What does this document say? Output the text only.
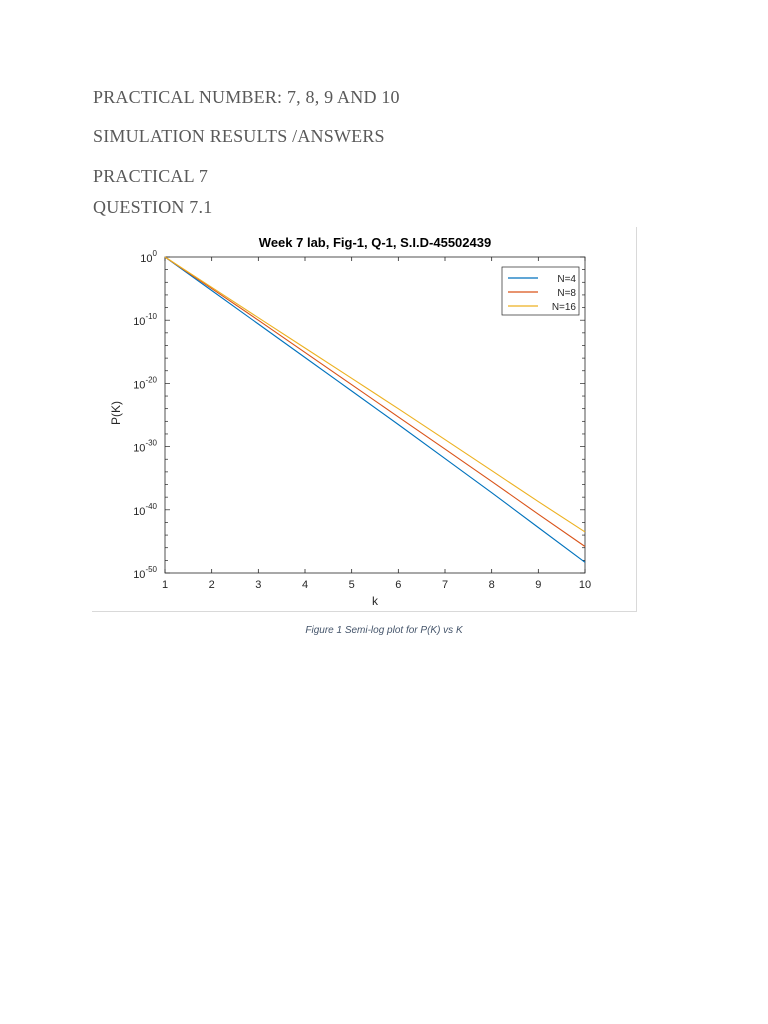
PRACTICAL NUMBER: 7, 8, 9 AND 10
SIMULATION RESULTS /ANSWERS
PRACTICAL 7
QUESTION 7.1
Week 7 lab, Fig-1, Q-1, S.I.D-45502439
P(K)
k
1	2	3	4	5	6	7	8	9	10
$10^0$
$10^{-10}$
$10^{-20}$
$10^{-30}$
$10^{-40}$
$10^{-50}$
N=4
N=8
N=16
Figure 1 Semi-log plot for P(K) vs K
